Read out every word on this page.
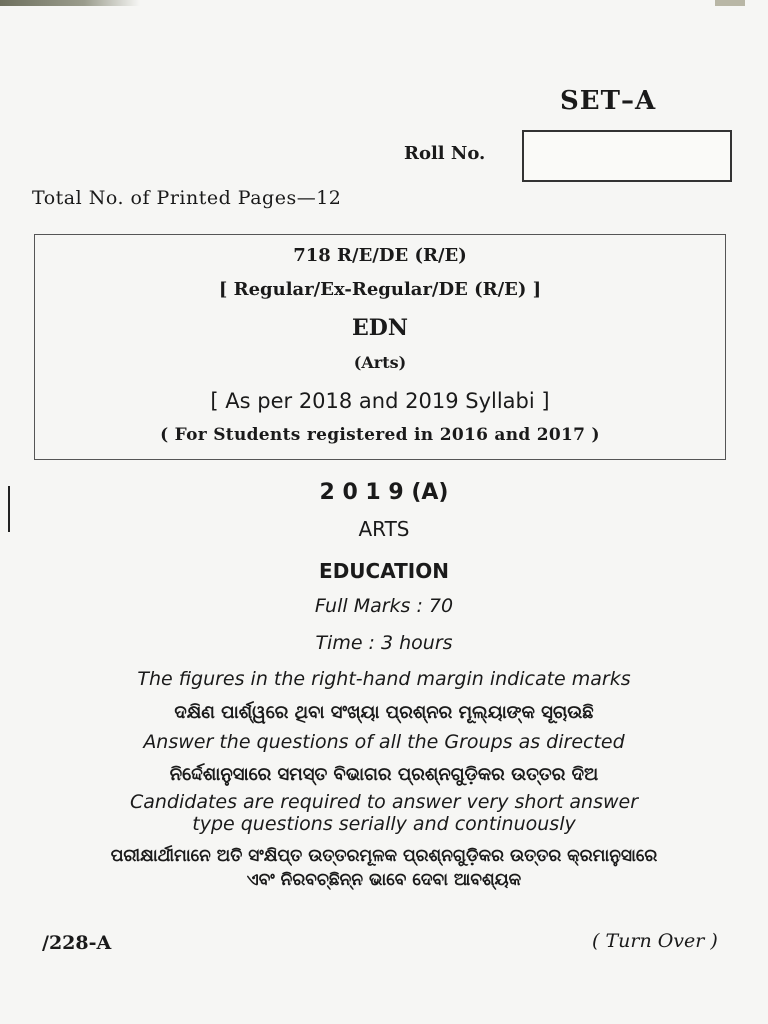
SET–A
Roll No.
Total No. of Printed Pages—12
718 R/E/DE (R/E)
[ Regular/Ex-Regular/DE (R/E) ]
EDN
(Arts)
[ As per 2018 and 2019 Syllabi ]
( For Students registered in 2016 and 2017 )
2 0 1 9 (A)
ARTS
EDUCATION
Full Marks : 70
Time : 3 hours
The figures in the right-hand margin indicate marks
ଦକ୍ଷିଣ ପାର୍ଶ୍ୱରେ ଥିବା ସଂଖ୍ୟା ପ୍ରଶ୍ନର ମୂଲ୍ୟାଙ୍କ ସୂଚାଉଛି
Answer the questions of all the Groups as directed
ନିର୍ଦ୍ଦେଶାନୁସାରେ ସମସ୍ତ ବିଭାଗର ପ୍ରଶ୍ନଗୁଡ଼ିକର ଉତ୍ତର ଦିଅ
Candidates are required to answer very short answer
type questions serially and continuously
ପରୀକ୍ଷାର୍ଥୀମାନେ ଅତି ସଂକ୍ଷିପ୍ତ ଉତ୍ତରମୂଳକ ପ୍ରଶ୍ନଗୁଡ଼ିକର ଉତ୍ତର କ୍ରମାନୁସାରେ
ଏବଂ ନିରବଚ୍ଛିନ୍ନ ଭାବେ ଦେବା ଆବଶ୍ୟକ
/228-A	( Turn Over )
